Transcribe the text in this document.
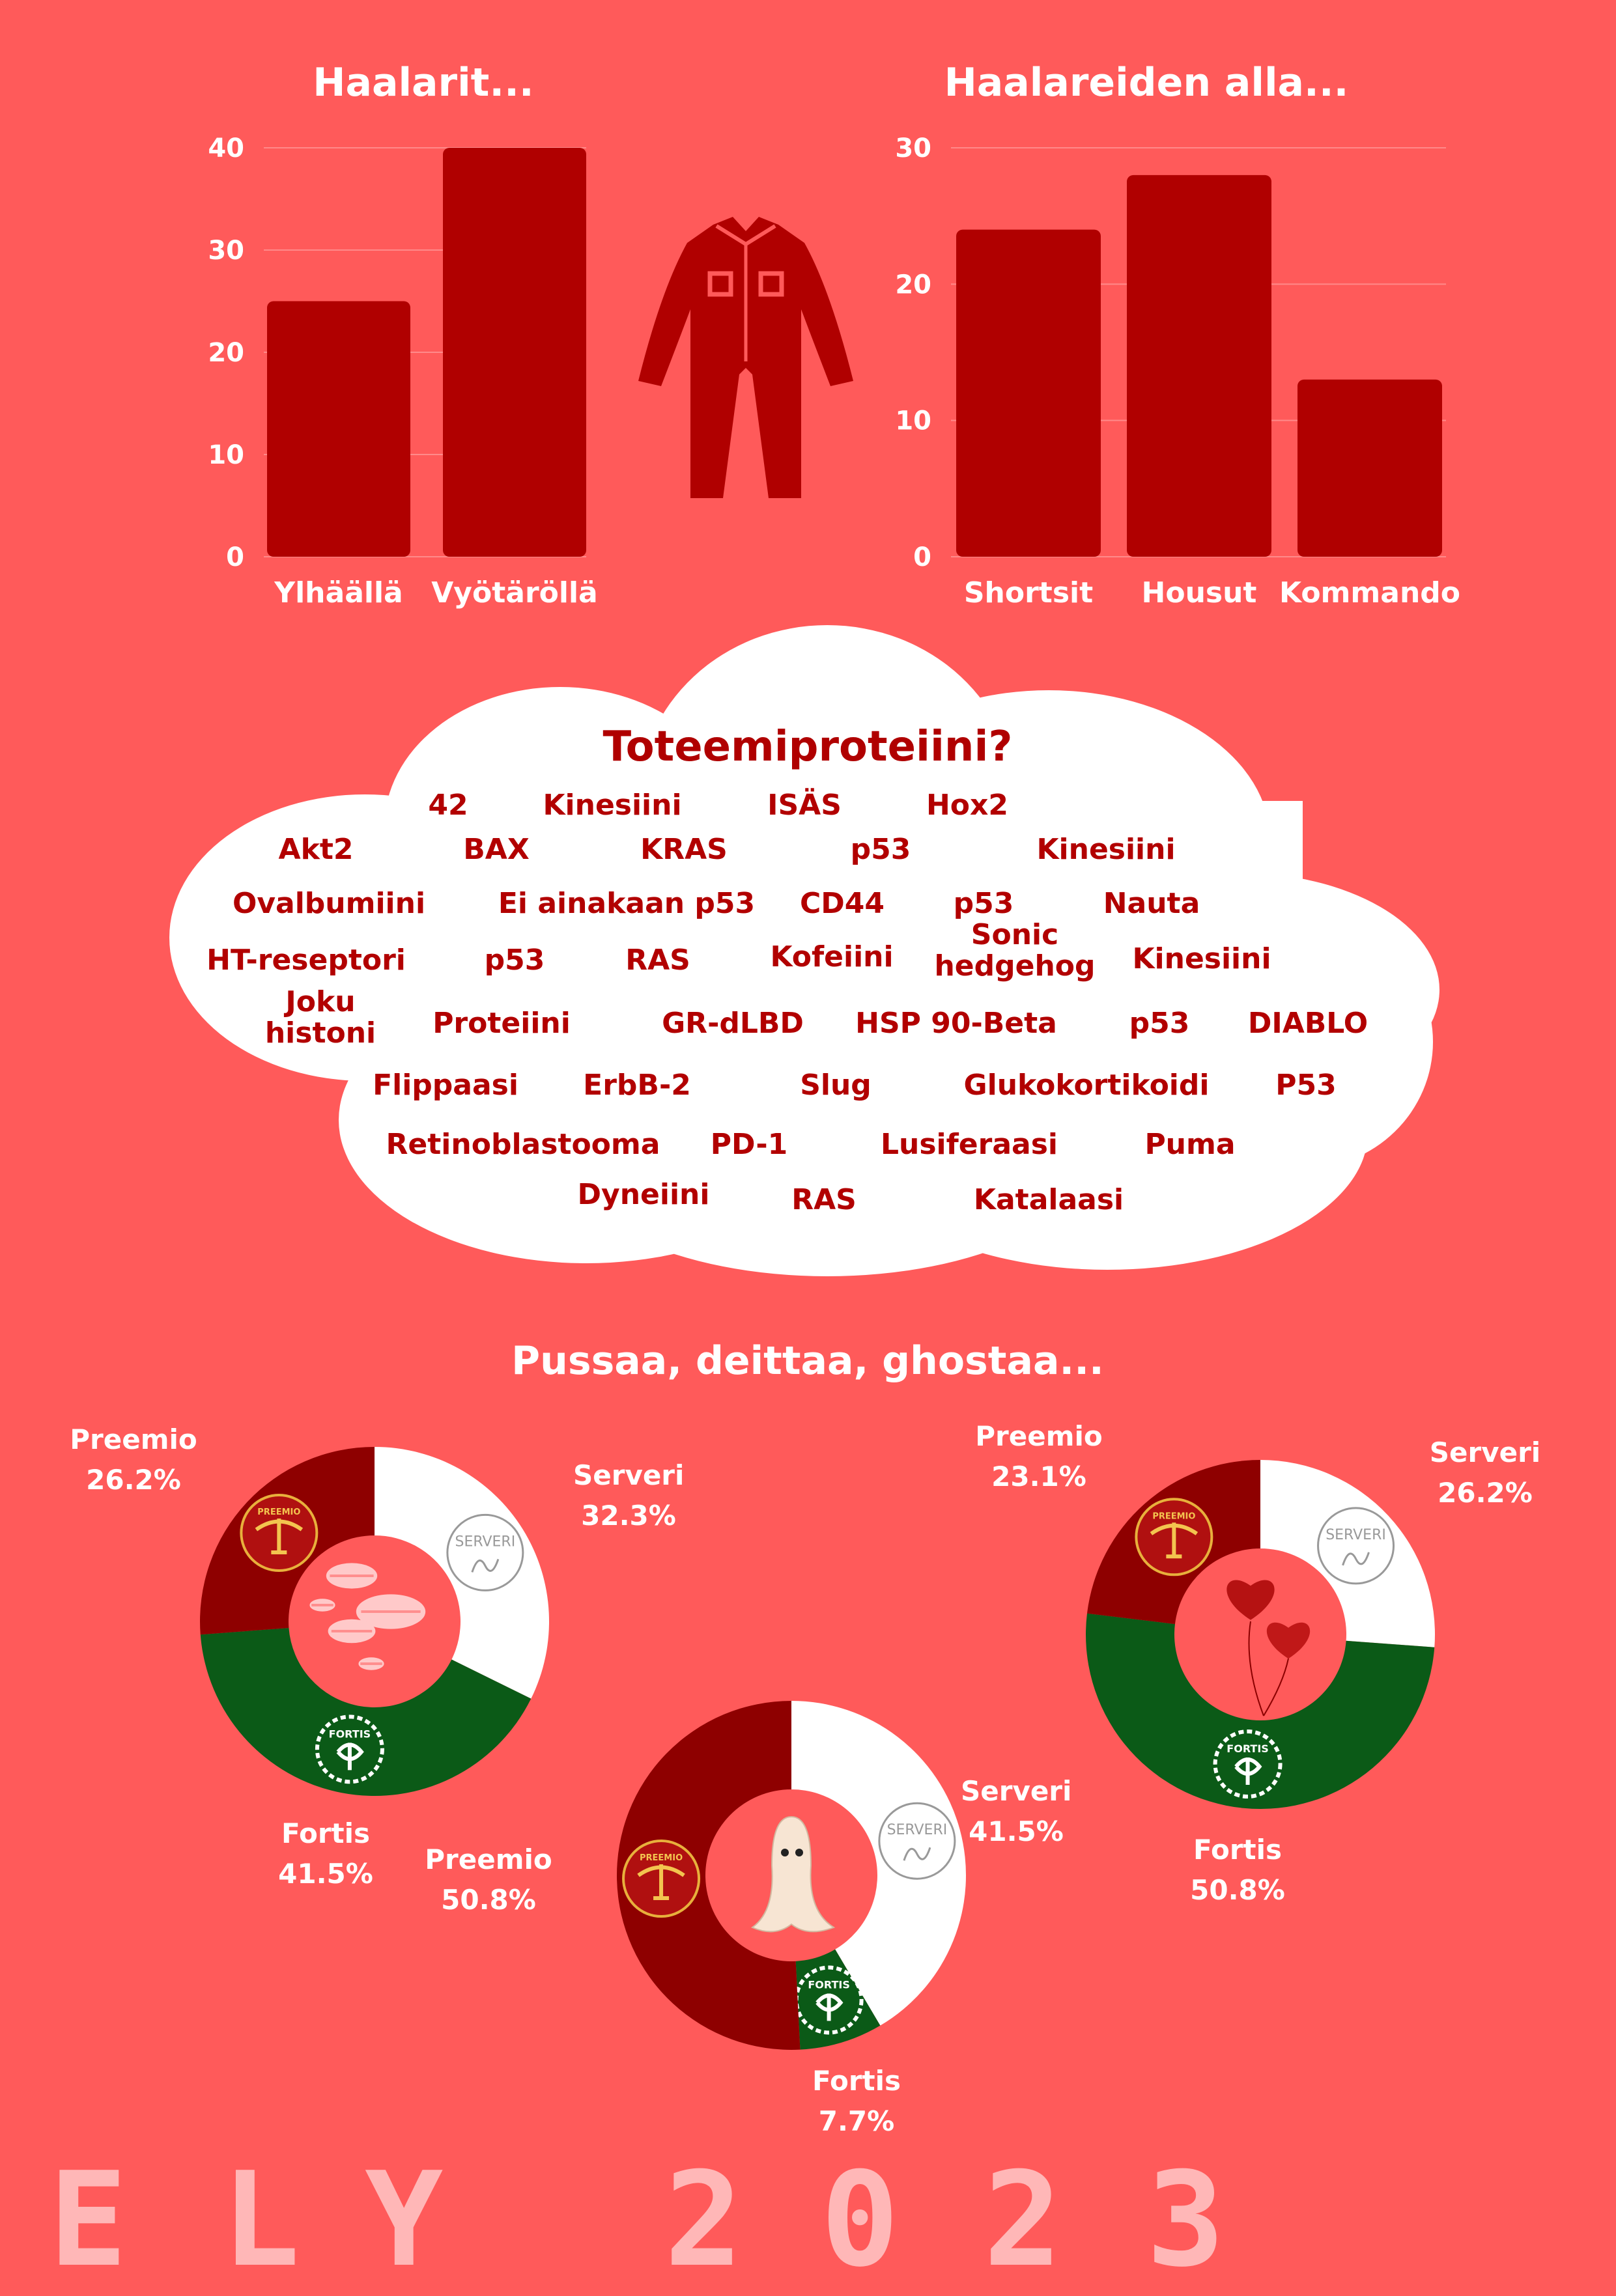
Haalarit...
0
10
20
30
40
Ylhäällä Vyötäröllä
Haalareiden alla...
0
10
20
30
Shortsit Housut Kommando
Toteemiproteiini?
42	Kinesiini	ISÄS	Hox2
Akt2	BAX	KRAS	p53	Kinesiini
Ovalbumiini	Ei ainakaan p53 CD44 p53	Nauta
HT-reseptori	p53	RAS	Kofeiini
Sonic hedgehog Kinesiini
Joku histoni Proteiini	GR-dLBD HSP 90-Beta	p53 DIABLO
Flippaasi ErbB-2	Slug	Glukokortikoidi P53
Retinoblastooma PD-1	Lusiferaasi	Puma
Dyneiini	RAS	Katalaasi
Pussaa, deittaa, ghostaa...
SERVERI
FORTIS
PREEMIO
SERVERI
FORTIS
PREEMIO
SERVERI
FORTIS
PREEMIO
Serveri
32.3%
Fortis
41.5%
Preemio
26.2%
Serveri
41.5%
Fortis
7.7%
Preemio
50.8%
Serveri
26.2%
Fortis
50.8%
Preemio
23.1%
E L Y 2 0 2 3
